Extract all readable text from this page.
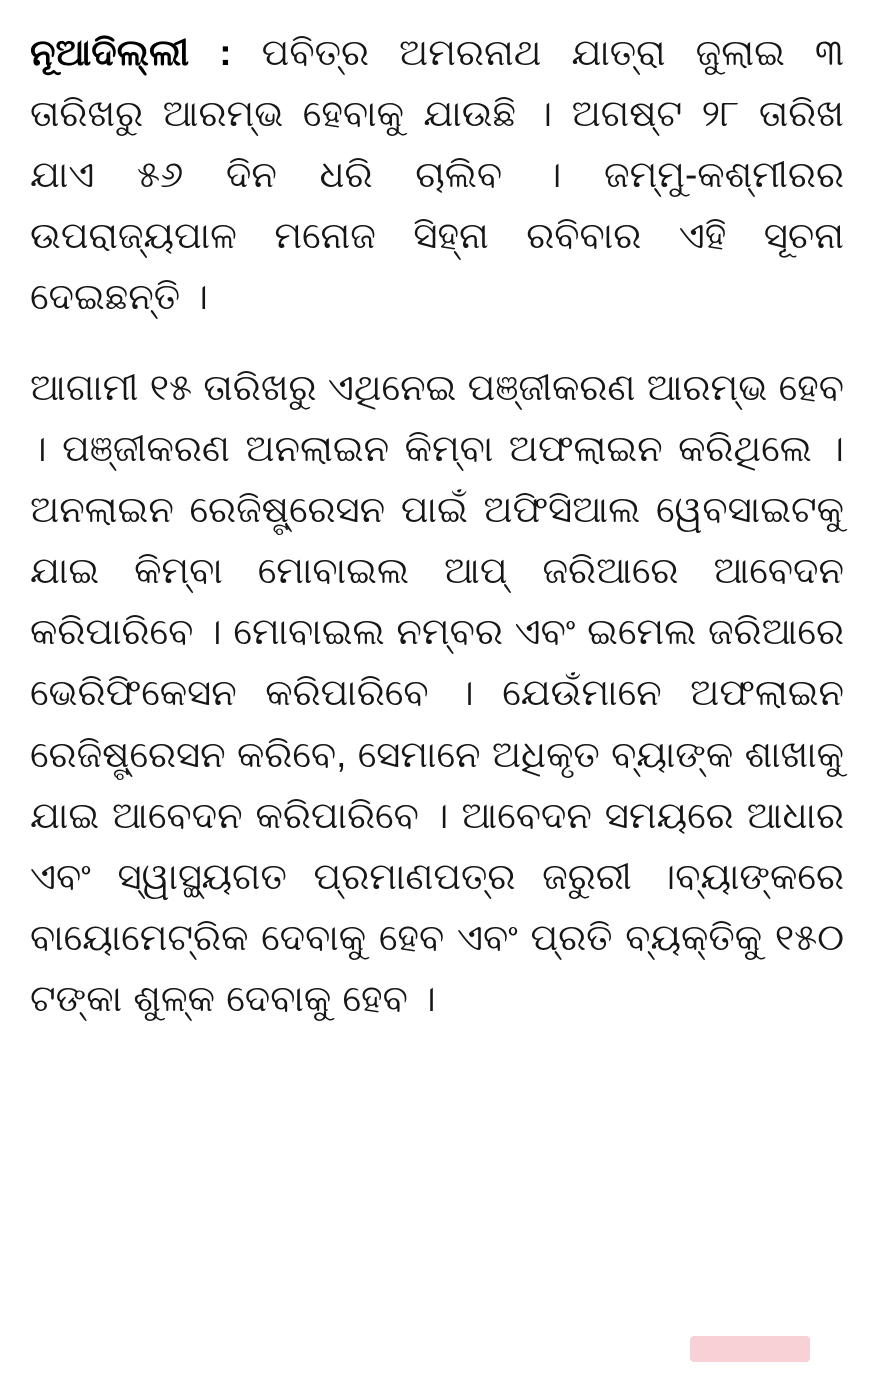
ନୂଆଦିଲ୍ଲୀ : ପବିତ୍ର ଅମରନାଥ ଯାତ୍ରା ଜୁଲାଇ ୩ ତାରିଖରୁ ଆରମ୍ଭ ହେବାକୁ ଯାଉଛି । ଅଗଷ୍ଟ ୨୮ ତାରିଖ ଯାଏ ୫୬ ଦିନ ଧରି ଚାଲିବ । ଜମ୍ମୁ-କଶ୍ମୀରର ଉପରାଜ୍ୟପାଳ ମନୋଜ ସିହ୍ନା ରବିବାର ଏହି ସୂଚନା ଦେଇଛନ୍ତି ।

ଆଗାମୀ ୧୫ ତାରିଖରୁ ଏଥିନେଇ ପଞ୍ଜୀକରଣ ଆରମ୍ଭ ହେବ । ପଞ୍ଜୀକରଣ ଅନଲାଇନ କିମ୍ବା ଅଫଲାଇନ କରିଥିଲେ । ଅନଲାଇନ ରେଜିଷ୍ଟ୍ରେସନ ପାଇଁ ଅଫିସିଆଲ ୱେବସାଇଟକୁ ଯାଇ କିମ୍ବା ମୋବାଇଲ ଆପ୍ ଜରିଆରେ ଆବେଦନ କରିପାରିବେ । ମୋବାଇଲ ନମ୍ବର ଏବଂ ଇମେଲ ଜରିଆରେ ଭେରିଫିକେସନ କରିପାରିବେ । ଯେଉଁମାନେ ଅଫଲାଇନ ରେଜିଷ୍ଟ୍ରେସନ କରିବେ, ସେମାନେ ଅଧିକୃତ ବ୍ୟାଙ୍କ ଶାଖାକୁ ଯାଇ ଆବେଦନ କରିପାରିବେ । ଆବେଦନ ସମୟରେ ଆଧାର ଏବଂ ସ୍ୱାସ୍ଥ୍ୟଗତ ପ୍ରମାଣପତ୍ର ଜରୁରୀ ।ବ୍ୟାଙ୍କରେ ବାୟୋମେଟ୍ରିକ ଦେବାକୁ ହେବ ଏବଂ ପ୍ରତି ବ୍ୟକ୍ତିକୁ ୧୫୦ ଟଙ୍କା ଶୁଳ୍କ ଦେବାକୁ ହେବ ।
